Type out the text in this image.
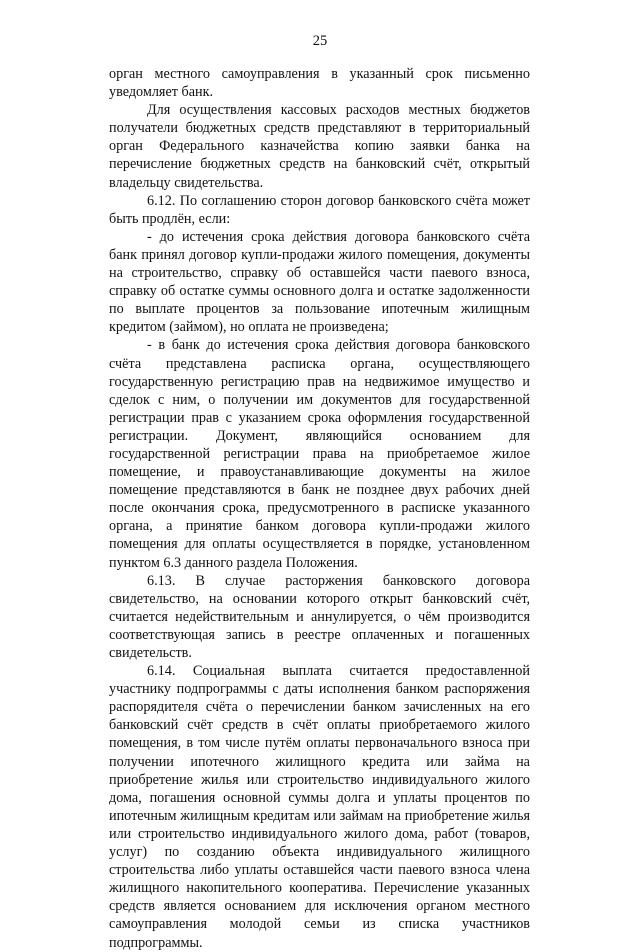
25

орган местного самоуправления в указанный срок письменно уведомляет банк.

Для осуществления кассовых расходов местных бюджетов получатели бюджетных средств представляют в территориальный орган Федерального казначейства копию заявки банка на перечисление бюджетных средств на банковский счёт, открытый владельцу свидетельства.

6.12. По соглашению сторон договор банковского счёта может быть продлён, если:

- до истечения срока действия договора банковского счёта банк принял договор купли-продажи жилого помещения, документы на строительство, справку об оставшейся части паевого взноса, справку об остатке суммы основного долга и остатке задолженности по выплате процентов за пользование ипотечным жилищным кредитом (займом), но оплата не произведена;

- в банк до истечения срока действия договора банковского счёта представлена расписка органа, осуществляющего государственную регистрацию прав на недвижимое имущество и сделок с ним, о получении им документов для государственной регистрации прав с указанием срока оформления государственной регистрации. Документ, являющийся основанием для государственной регистрации права на приобретаемое жилое помещение, и правоустанавливающие документы на жилое помещение представляются в банк не позднее двух рабочих дней после окончания срока, предусмотренного в расписке указанного органа, а принятие банком договора купли-продажи жилого помещения для оплаты осуществляется в порядке, установленном пунктом 6.3 данного раздела Положения.

6.13. В случае расторжения банковского договора свидетельство, на основании которого открыт банковский счёт, считается недействительным и аннулируется, о чём производится соответствующая запись в реестре оплаченных и погашенных свидетельств.

6.14. Социальная выплата считается предоставленной участнику подпрограммы с даты исполнения банком распоряжения распорядителя счёта о перечислении банком зачисленных на его банковский счёт средств в счёт оплаты приобретаемого жилого помещения, в том числе путём оплаты первоначального взноса при получении ипотечного жилищного кредита или займа на приобретение жилья или строительство индивидуального жилого дома, погашения основной суммы долга и уплаты процентов по ипотечным жилищным кредитам или займам на приобретение жилья или строительство индивидуального жилого дома, работ (товаров, услуг) по созданию объекта индивидуального жилищного строительства либо уплаты оставшейся части паевого взноса члена жилищного накопительного кооператива. Перечисление указанных средств является основанием для исключения органом местного самоуправления молодой семьи из списка участников подпрограммы.
